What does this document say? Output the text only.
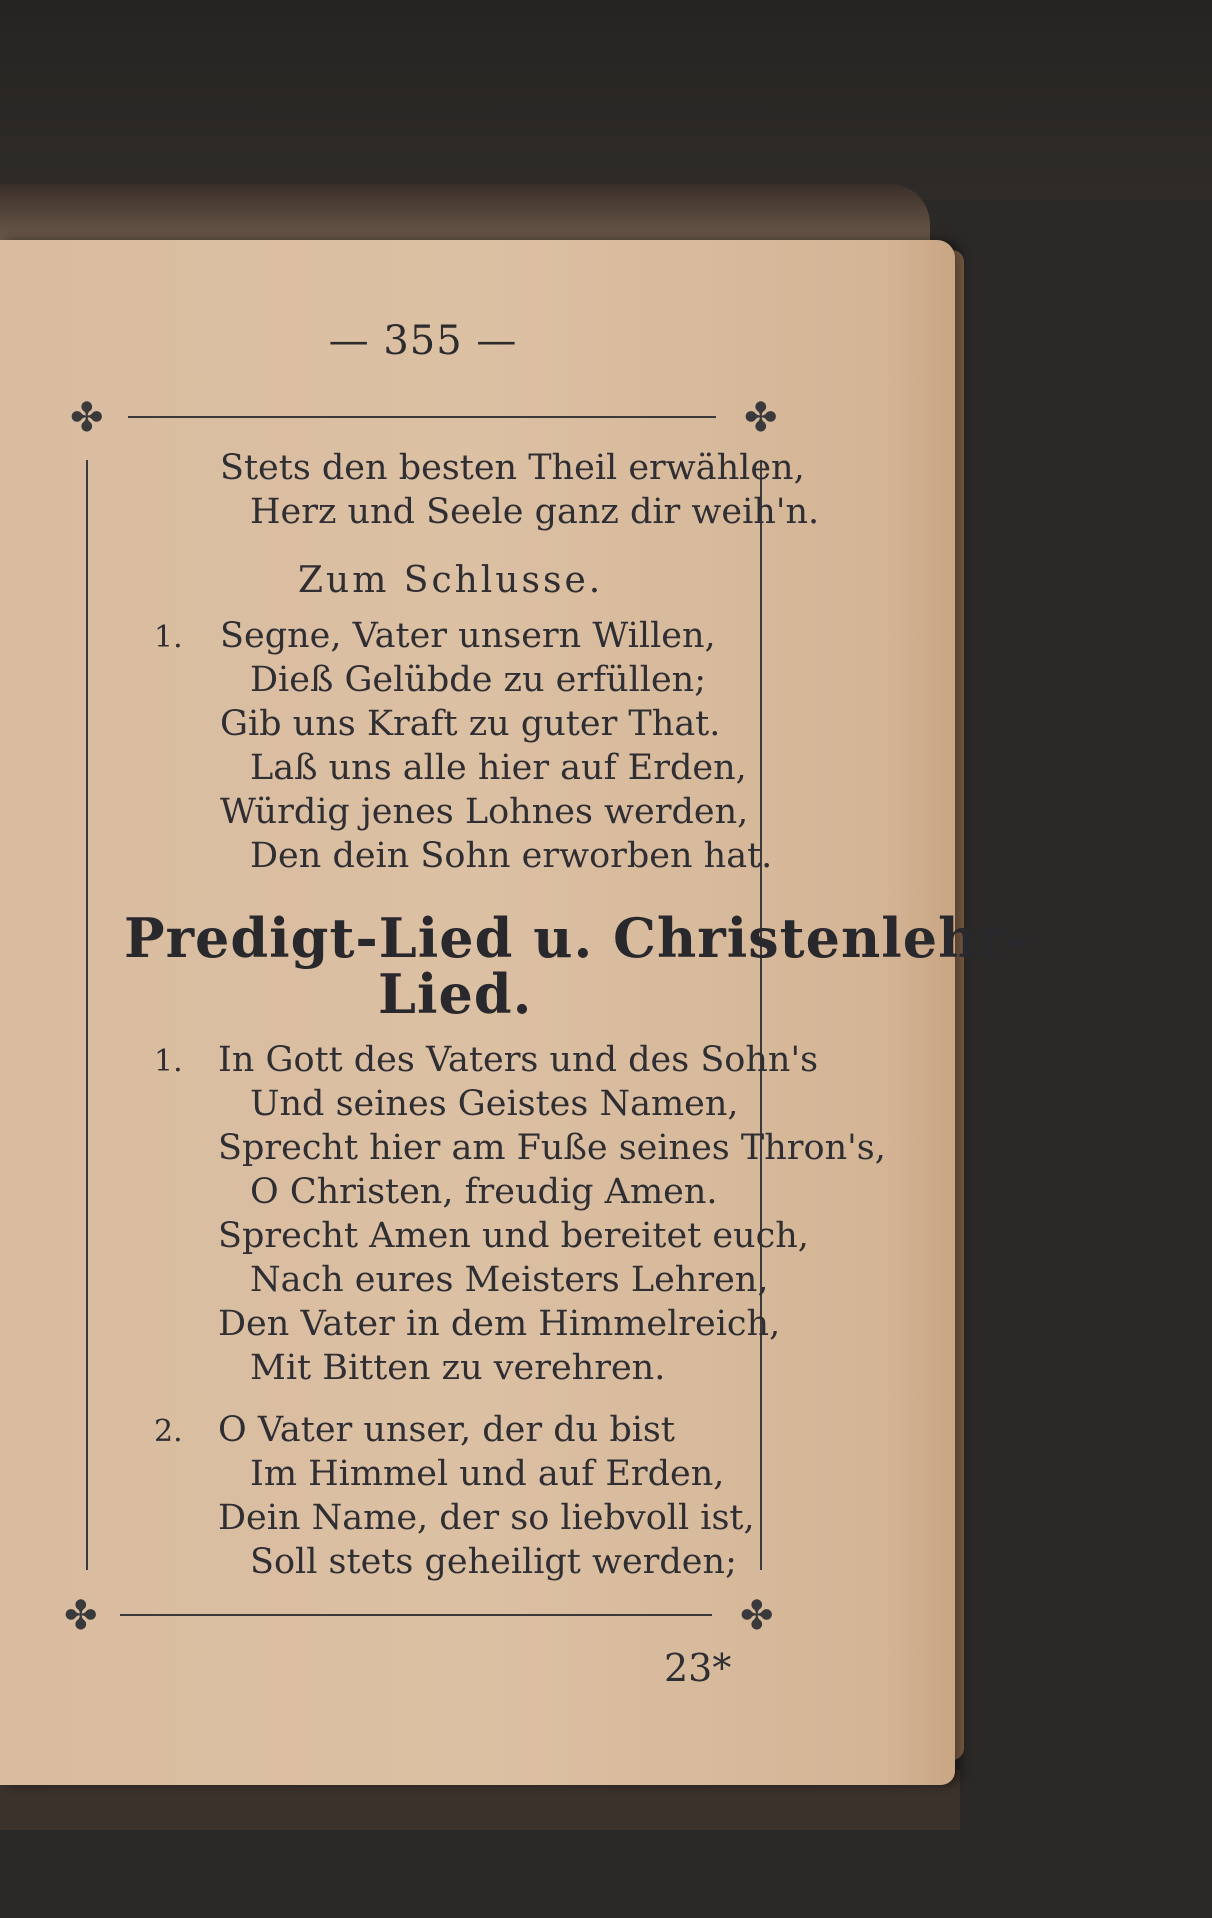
— 355 —
✤	✤
✤	✤
Stets den besten Theil erwählen,
Herz und Seele ganz dir weih'n.
Zum Schlusse.
1. Segne, Vater unsern Willen,
Dieß Gelübde zu erfüllen;
Gib uns Kraft zu guter That.
Laß uns alle hier auf Erden,
Würdig jenes Lohnes werden,
Den dein Sohn erworben hat.
Predigt-Lied u. Christenlehr-
Lied.
1. In Gott des Vaters und des Sohn's
Und seines Geistes Namen,
Sprecht hier am Fuße seines Thron's,
O Christen, freudig Amen.
Sprecht Amen und bereitet euch,
Nach eures Meisters Lehren,
Den Vater in dem Himmelreich,
Mit Bitten zu verehren.
2. O Vater unser, der du bist
Im Himmel und auf Erden,
Dein Name, der so liebvoll ist,
Soll stets geheiligt werden;
23*
